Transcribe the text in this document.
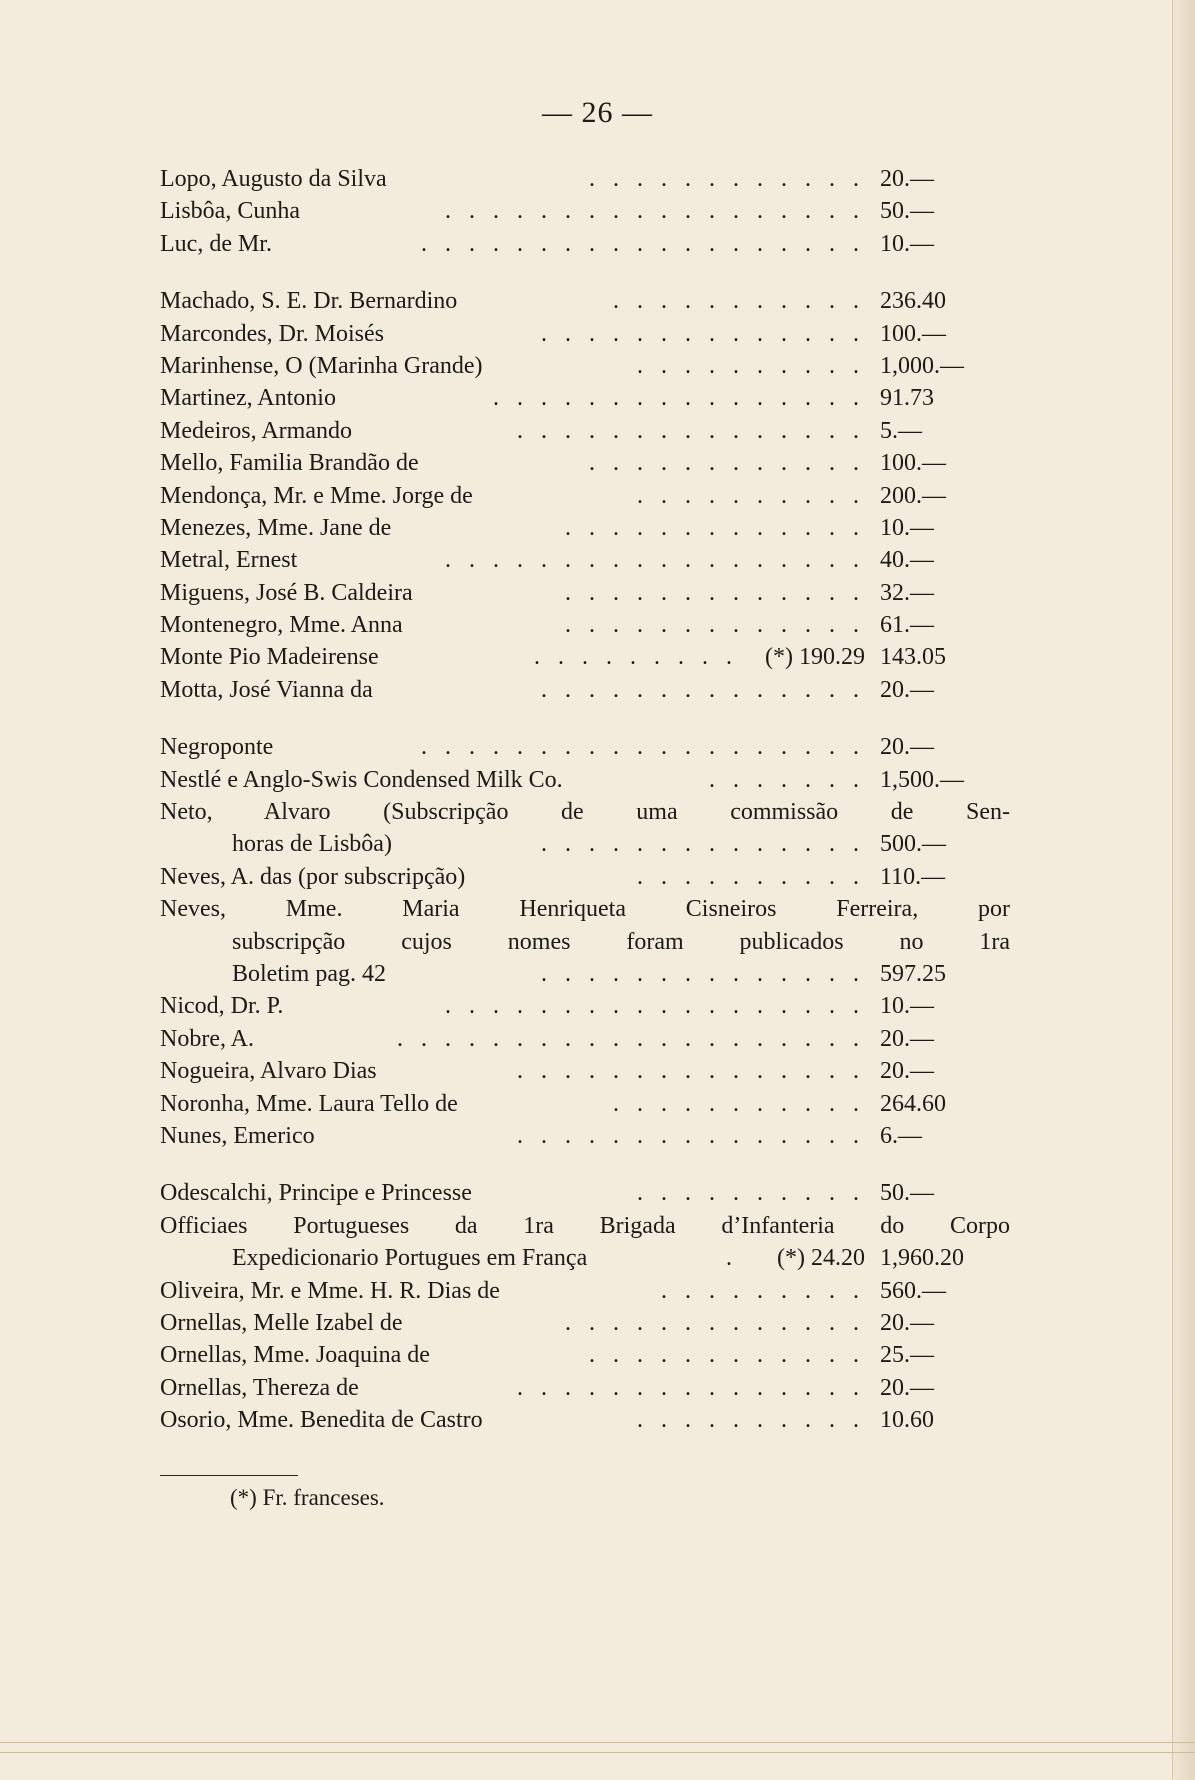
— 26 —
Lopo, Augusto da Silva	. . . . . . . . . . . . 20.—
Lisbôa, Cunha	. . . . . . . . . . . . . . . . . . 50.—
Luc, de Mr.	. . . . . . . . . . . . . . . . . . . 10.—
Machado, S. E. Dr. Bernardino	. . . . . . . . . . . 236.40
Marcondes, Dr. Moisés	. . . . . . . . . . . . . . 100.—
Marinhense, O (Marinha Grande)	. . . . . . . . . . 1,000.—
Martinez, Antonio	. . . . . . . . . . . . . . . . 91.73
Medeiros, Armando	. . . . . . . . . . . . . . . 5.—
Mello, Familia Brandão de	. . . . . . . . . . . . 100.—
Mendonça, Mr. e Mme. Jorge de	. . . . . . . . . . 200.—
Menezes, Mme. Jane de	. . . . . . . . . . . . . 10.—
Metral, Ernest	. . . . . . . . . . . . . . . . . . 40.—
Miguens, José B. Caldeira	. . . . . . . . . . . . . 32.—
Montenegro, Mme. Anna	. . . . . . . . . . . . . 61.—
Monte Pio Madeirense	. . . . . . . . . (*) 190.29 143.05
Motta, José Vianna da	. . . . . . . . . . . . . . 20.—
Negroponte	. . . . . . . . . . . . . . . . . . . 20.—
Nestlé e Anglo-Swis Condensed Milk Co.	. . . . . . . 1,500.—
Neto, Alvaro (Subscripção de uma commissão de Sen-
horas de Lisbôa)	. . . . . . . . . . . . . . 500.—
Neves, A. das (por subscripção)	. . . . . . . . . . 110.—
Neves, Mme. Maria Henriqueta Cisneiros Ferreira, por
subscripção cujos nomes foram publicados no 1ra
Boletim pag. 42	. . . . . . . . . . . . . . 597.25
Nicod, Dr. P.	. . . . . . . . . . . . . . . . . . 10.—
Nobre, A.	. . . . . . . . . . . . . . . . . . . . 20.—
Nogueira, Alvaro Dias	. . . . . . . . . . . . . . . 20.—
Noronha, Mme. Laura Tello de	. . . . . . . . . . . 264.60
Nunes, Emerico	. . . . . . . . . . . . . . . 6.—
Odescalchi, Principe e Princesse	. . . . . . . . . . 50.—
Officiaes Portugueses da 1ra Brigada d’Infanteria do Corpo
Expedicionario Portugues em França	. (*) 24.20 1,960.20
Oliveira, Mr. e Mme. H. R. Dias de	. . . . . . . . . 560.—
Ornellas, Melle Izabel de	. . . . . . . . . . . . . 20.—
Ornellas, Mme. Joaquina de	. . . . . . . . . . . . 25.—
Ornellas, Thereza de	. . . . . . . . . . . . . . . 20.—
Osorio, Mme. Benedita de Castro	. . . . . . . . . . 10.60
(*) Fr. franceses.
